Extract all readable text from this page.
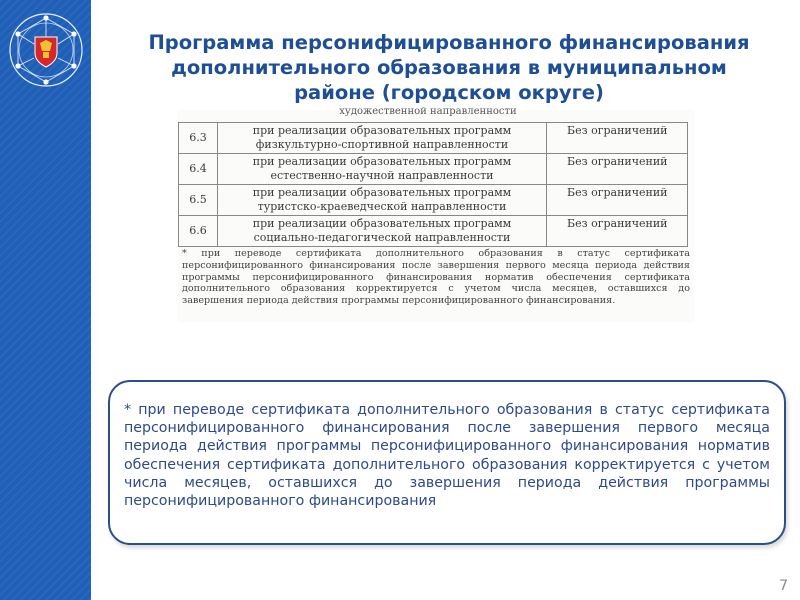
Программа персонифицированного финансирования
дополнительного образования в муниципальном
районе (городском округе)
художественной направленности
6.3	при реализации образовательных программ физкультурно-спортивной направленности	Без ограничений
6.4	при реализации образовательных программ естественно-научной направленности	Без ограничений
6.5	при реализации образовательных программ туристско-краеведческой направленности	Без ограничений
6.6	при реализации образовательных программ социально-педагогической направленности	Без ограничений
* при переводе сертификата дополнительного образования в статус сертификата персонифицированного финансирования после завершения первого месяца периода действия программы персонифицированного финансирования норматив обеспечения сертификата дополнительного образования корректируется с учетом числа месяцев, оставшихся до завершения периода действия программы персонифицированного финансирования.
* при переводе сертификата дополнительного образования в статус сертификата персонифицированного финансирования после завершения первого месяца периода действия программы персонифицированного финансирования норматив обеспечения сертификата дополнительного образования корректируется с учетом числа месяцев, оставшихся до завершения периода действия программы персонифицированного финансирования
7
